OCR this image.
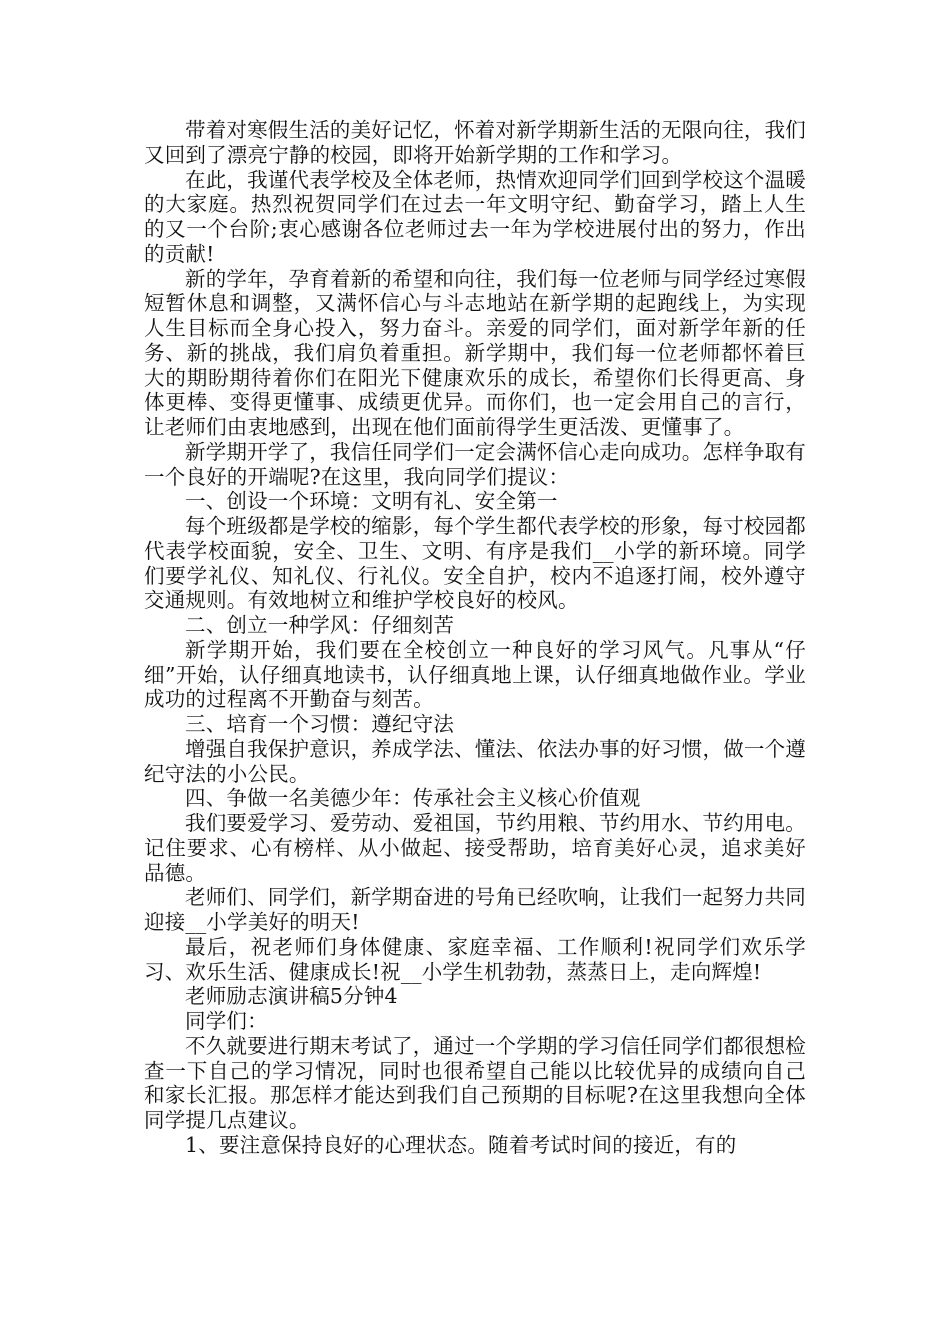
带着对寒假生活的美好记忆，怀着对新学期新生活的无限向往，我们又回到了漂亮宁静的校园，即将开始新学期的工作和学习。

在此，我谨代表学校及全体老师，热情欢迎同学们回到学校这个温暖的大家庭。热烈祝贺同学们在过去一年文明守纪、勤奋学习，踏上人生的又一个台阶;衷心感谢各位老师过去一年为学校进展付出的努力，作出的贡献!

新的学年，孕育着新的希望和向往，我们每一位老师与同学经过寒假短暂休息和调整，又满怀信心与斗志地站在新学期的起跑线上，为实现人生目标而全身心投入，努力奋斗。亲爱的同学们，面对新学年新的任务、新的挑战，我们肩负着重担。新学期中，我们每一位老师都怀着巨大的期盼期待着你们在阳光下健康欢乐的成长，希望你们长得更高、身体更棒、变得更懂事、成绩更优异。而你们，也一定会用自己的言行，让老师们由衷地感到，出现在他们面前得学生更活泼、更懂事了。

新学期开学了，我信任同学们一定会满怀信心走向成功。怎样争取有一个良好的开端呢?在这里，我向同学们提议：

一、创设一个环境：文明有礼、安全第一

每个班级都是学校的缩影，每个学生都代表学校的形象，每寸校园都代表学校面貌，安全、卫生、文明、有序是我们__小学的新环境。同学们要学礼仪、知礼仪、行礼仪。安全自护，校内不追逐打闹，校外遵守交通规则。有效地树立和维护学校良好的校风。

二、创立一种学风：仔细刻苦

新学期开始，我们要在全校创立一种良好的学习风气。凡事从“仔细”开始，认仔细真地读书，认仔细真地上课，认仔细真地做作业。学业成功的过程离不开勤奋与刻苦。

三、培育一个习惯：遵纪守法

增强自我保护意识，养成学法、懂法、依法办事的好习惯，做一个遵纪守法的小公民。

四、争做一名美德少年：传承社会主义核心价值观

我们要爱学习、爱劳动、爱祖国，节约用粮、节约用水、节约用电。记住要求、心有榜样、从小做起、接受帮助，培育美好心灵，追求美好品德。

老师们、同学们，新学期奋进的号角已经吹响，让我们一起努力共同迎接__小学美好的明天!

最后，祝老师们身体健康、家庭幸福、工作顺利!祝同学们欢乐学习、欢乐生活、健康成长!祝__小学生机勃勃，蒸蒸日上，走向辉煌!

老师励志演讲稿5分钟4

同学们：

不久就要进行期末考试了，通过一个学期的学习信任同学们都很想检查一下自己的学习情况，同时也很希望自己能以比较优异的成绩向自己和家长汇报。那怎样才能达到我们自己预期的目标呢?在这里我想向全体同学提几点建议。

1、要注意保持良好的心理状态。随着考试时间的接近，有的
